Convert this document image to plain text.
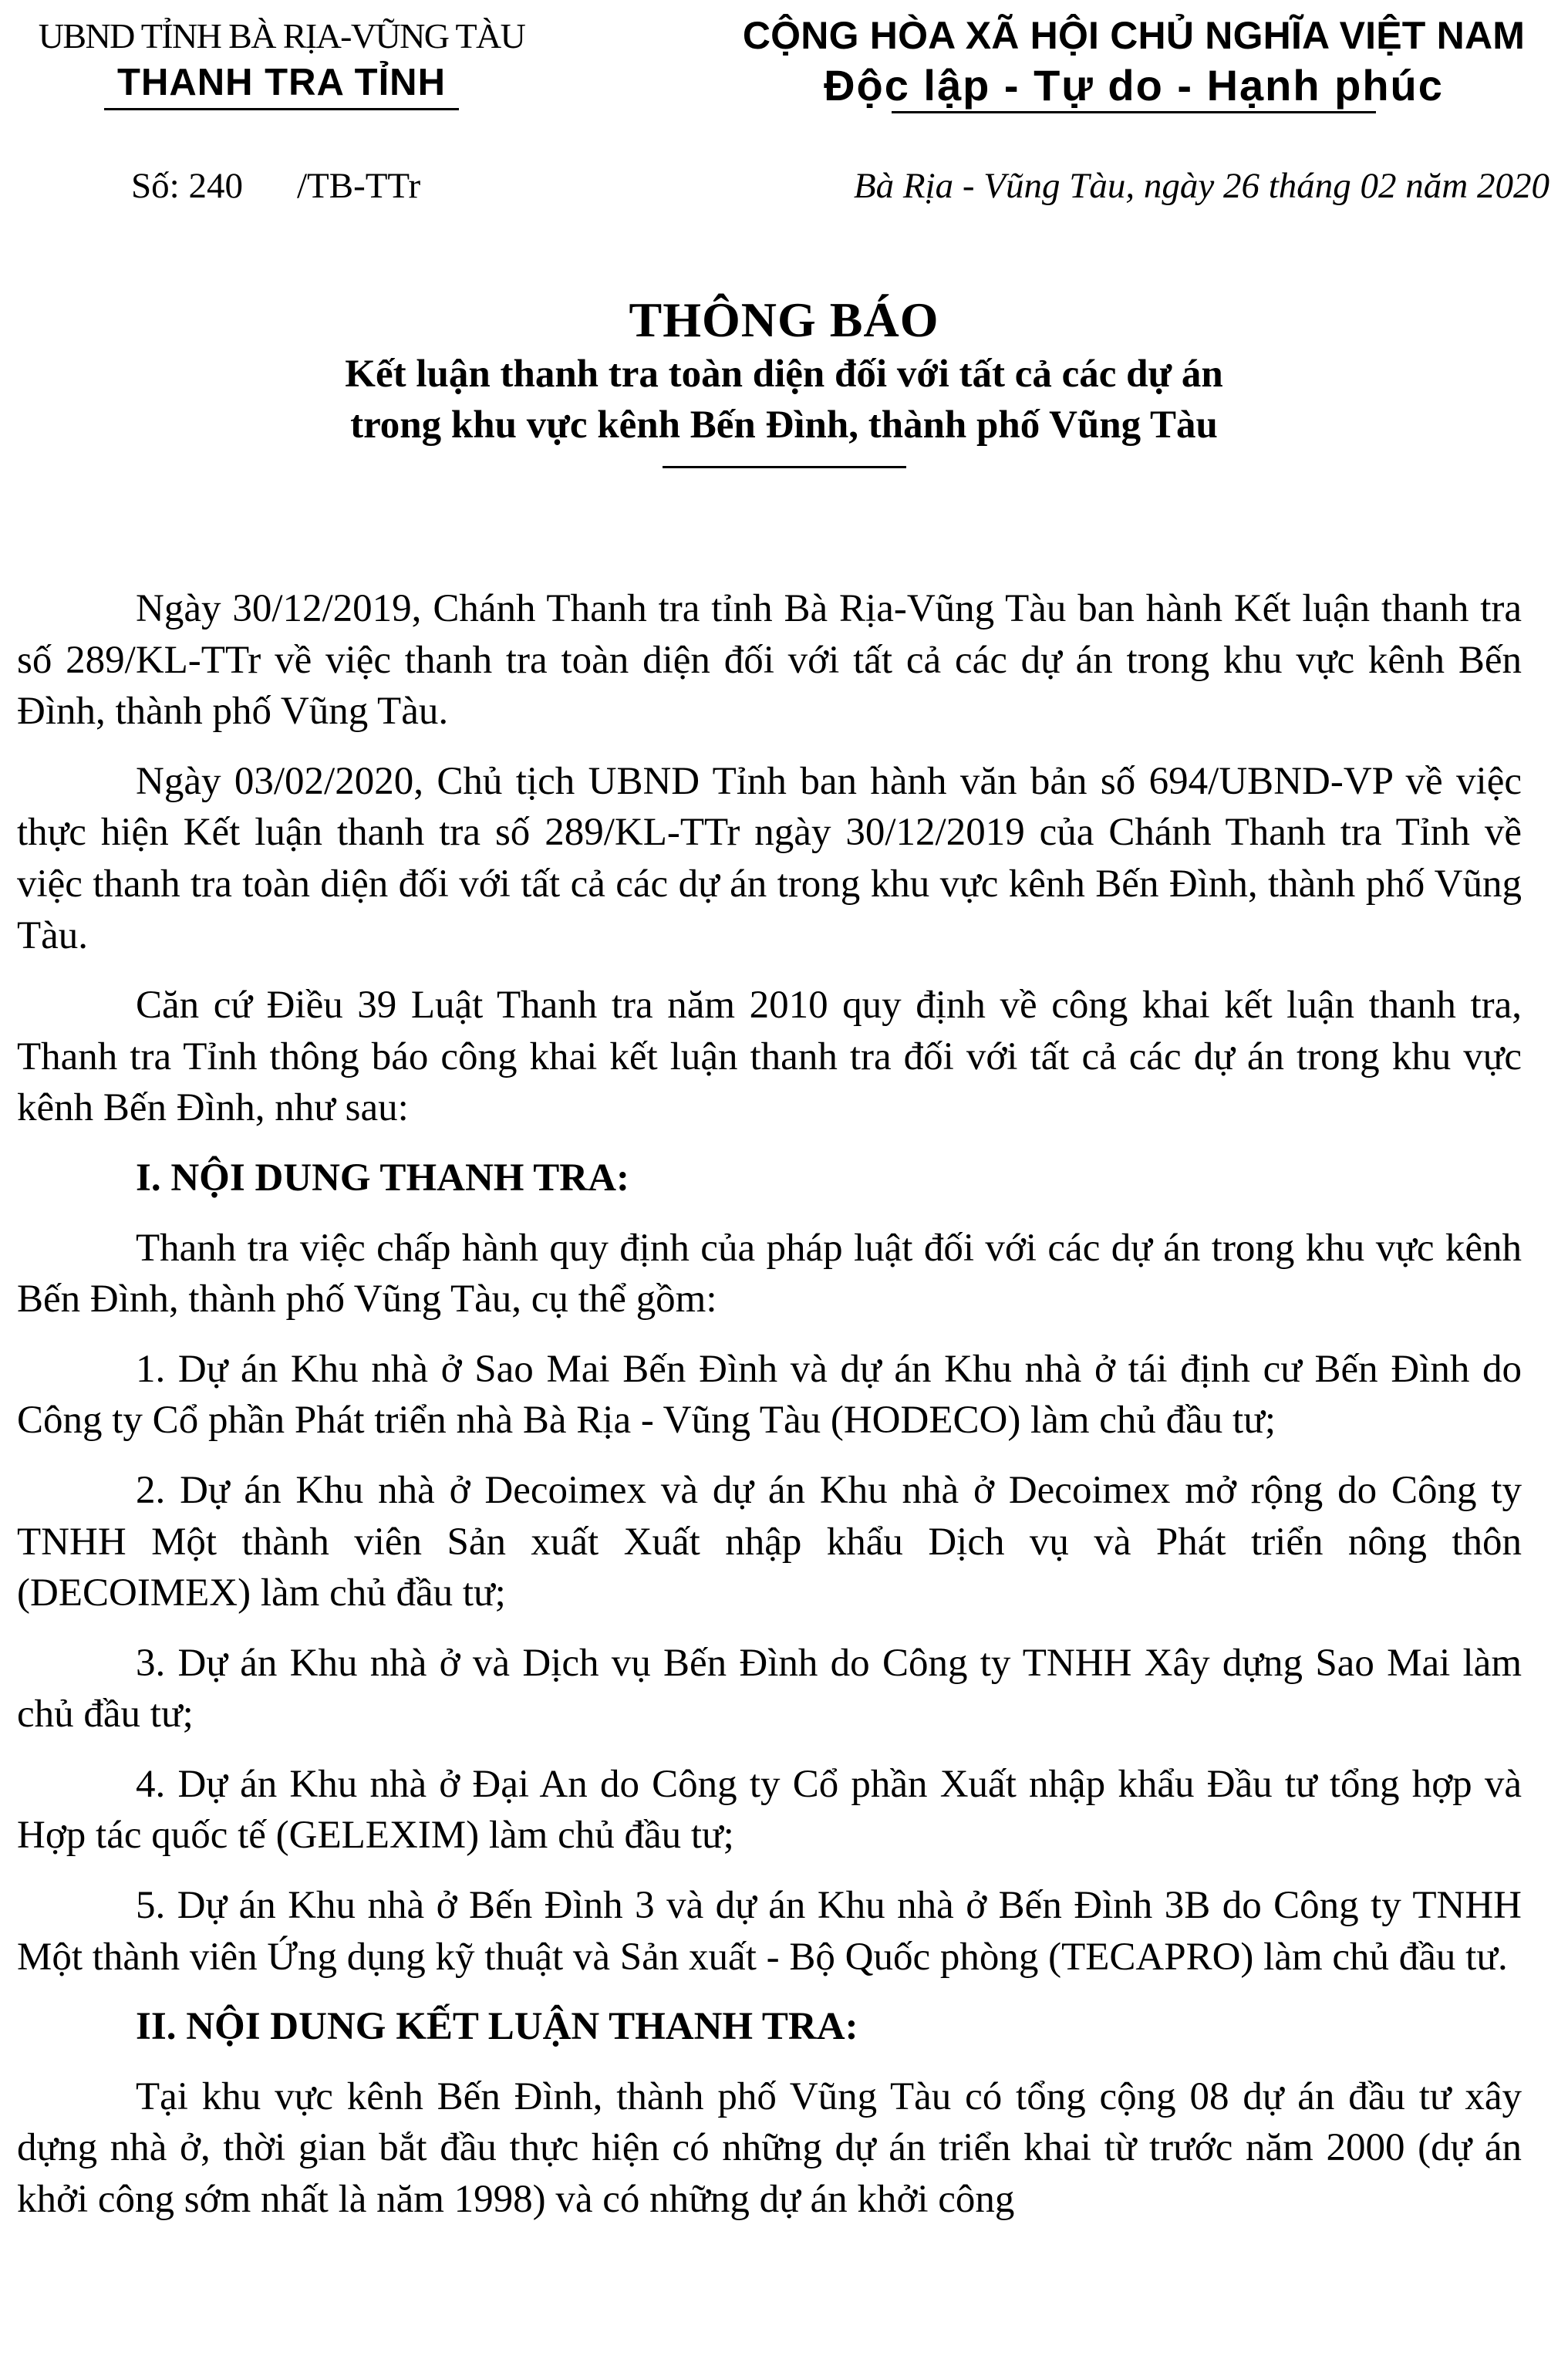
UBND TỈNH BÀ RỊA-VŨNG TÀU
THANH TRA TỈNH
CỘNG HÒA XÃ HỘI CHỦ NGHĨA VIỆT NAM
Độc lập - Tự do - Hạnh phúc
Số: 240 /TB-TTr	Bà Rịa - Vũng Tàu, ngày 26 tháng 02 năm 2020
THÔNG BÁO
Kết luận thanh tra toàn diện đối với tất cả các dự án
trong khu vực kênh Bến Đình, thành phố Vũng Tàu

Ngày 30/12/2019, Chánh Thanh tra tỉnh Bà Rịa-Vũng Tàu ban hành Kết luận thanh tra số 289/KL-TTr về việc thanh tra toàn diện đối với tất cả các dự án trong khu vực kênh Bến Đình, thành phố Vũng Tàu.

Ngày 03/02/2020, Chủ tịch UBND Tỉnh ban hành văn bản số 694/UBND-VP về việc thực hiện Kết luận thanh tra số 289/KL-TTr ngày 30/12/2019 của Chánh Thanh tra Tỉnh về việc thanh tra toàn diện đối với tất cả các dự án trong khu vực kênh Bến Đình, thành phố Vũng Tàu.

Căn cứ Điều 39 Luật Thanh tra năm 2010 quy định về công khai kết luận thanh tra, Thanh tra Tỉnh thông báo công khai kết luận thanh tra đối với tất cả các dự án trong khu vực kênh Bến Đình, như sau:

I. NỘI DUNG THANH TRA:

Thanh tra việc chấp hành quy định của pháp luật đối với các dự án trong khu vực kênh Bến Đình, thành phố Vũng Tàu, cụ thể gồm:

1. Dự án Khu nhà ở Sao Mai Bến Đình và dự án Khu nhà ở tái định cư Bến Đình do Công ty Cổ phần Phát triển nhà Bà Rịa - Vũng Tàu (HODECO) làm chủ đầu tư;

2. Dự án Khu nhà ở Decoimex và dự án Khu nhà ở Decoimex mở rộng do Công ty TNHH Một thành viên Sản xuất Xuất nhập khẩu Dịch vụ và Phát triển nông thôn (DECOIMEX) làm chủ đầu tư;

3. Dự án Khu nhà ở và Dịch vụ Bến Đình do Công ty TNHH Xây dựng Sao Mai làm chủ đầu tư;

4. Dự án Khu nhà ở Đại An do Công ty Cổ phần Xuất nhập khẩu Đầu tư tổng hợp và Hợp tác quốc tế (GELEXIM) làm chủ đầu tư;

5. Dự án Khu nhà ở Bến Đình 3 và dự án Khu nhà ở Bến Đình 3B do Công ty TNHH Một thành viên Ứng dụng kỹ thuật và Sản xuất - Bộ Quốc phòng (TECAPRO) làm chủ đầu tư.

II. NỘI DUNG KẾT LUẬN THANH TRA:

Tại khu vực kênh Bến Đình, thành phố Vũng Tàu có tổng cộng 08 dự án đầu tư xây dựng nhà ở, thời gian bắt đầu thực hiện có những dự án triển khai từ trước năm 2000 (dự án khởi công sớm nhất là năm 1998) và có những dự án khởi công
